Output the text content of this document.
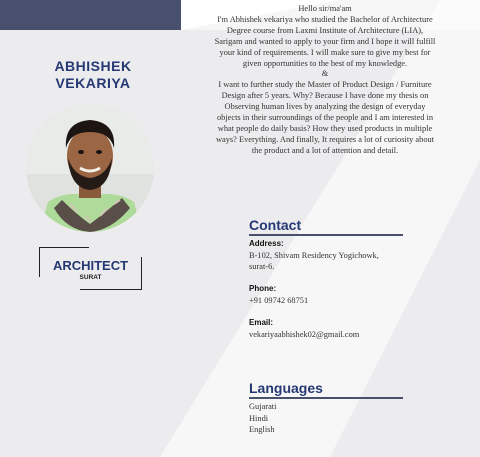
ABHISHEK
VEKARIYA
ARCHITECT
SURAT

Hello sir/ma'am

I'm Abhishek vekariya who studied the Bachelor of Architecture

Degree course from Laxmi Institute of Architecture (LIA),

Sarigam and wanted to apply to your firm and I hope it will fulfill

your kind of requirements. I will make sure to give my best for

given opportunities to the best of my knowledge.

&

I want to further study the Master of Product Design / Furniture

Design after 5 years. Why? Because I have done my thesis on

Observing human lives by analyzing the design of everyday

objects in their surroundings of the people and I am interested in

what people do daily basis? How they used products in multiple

ways? Everything. And finally, It requires a lot of curiosity about

the product and a lot of attention and detail.

Contact
Address:
B-102, Shivam Residency Yogichowk,
surat-6.
Phone:
+91 09742 68751
Email:
vekariyaabhishek02@gmail.com
Languages
Gujarati
Hindi
English
